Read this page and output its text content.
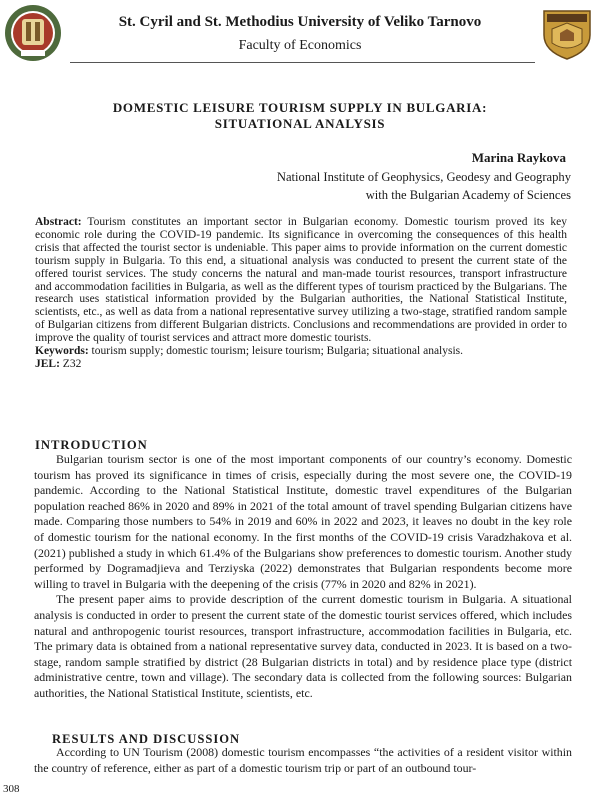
St. Cyril and St. Methodius University of Veliko Tarnovo
Faculty of Economics
DOMESTIC LEISURE TOURISM SUPPLY IN BULGARIA:
SITUATIONAL ANALYSIS
Marina Raykova
National Institute of Geophysics, Geodesy and Geography
with the Bulgarian Academy of Sciences

Abstract: Tourism constitutes an important sector in Bulgarian economy. Domestic tourism proved its key economic role during the COVID-19 pandemic. Its significance in overcoming the consequences of this health crisis that affected the tourist sector is undeniable. This paper aims to provide information on the current domestic tourism supply in Bulgaria. To this end, a situational analysis was conducted to present the current state of the offered tourist services. The study concerns the natural and man-made tourist resources, transport infrastructure and accommodation facilities in Bulgaria, as well as the different types of tourism practiced by the Bulgarians. The research uses statistical information provided by the Bulgarian authorities, the National Statistical Institute, scientists, etc., as well as data from a national representative survey utilizing a two-stage, stratified random sample of Bulgarian citizens from different Bulgarian districts. Conclusions and recommendations are provided in order to improve the quality of tourist services and attract more domestic tourists.

Keywords: tourism supply; domestic tourism; leisure tourism; Bulgaria; situational analysis.

JEL: Z32

INTRODUCTION

Bulgarian tourism sector is one of the most important components of our country’s economy. Domestic tourism has proved its significance in times of crisis, especially during the most severe one, the COVID-19 pandemic. According to the National Statistical Institute, domestic travel expenditures of the Bulgarian population reached 86% in 2020 and 89% in 2021 of the total amount of travel spending Bulgarian citizens have made. Comparing those numbers to 54% in 2019 and 60% in 2022 and 2023, it leaves no doubt in the key role of domestic tourism for the national economy. In the first months of the COVID-19 crisis Varadzhakova et al. (2021) published a study in which 61.4% of the Bulgarians show preferences to domestic tourism. Another study performed by Dogramadjieva and Terziyska (2022) demonstrates that Bulgarian respondents become more willing to travel in Bulgaria with the deepening of the crisis (77% in 2020 and 82% in 2021).

The present paper aims to provide description of the current domestic tourism in Bulgaria. A situational analysis is conducted in order to present the current state of the domestic tourist services offered, which includes natural and anthropogenic tourist resources, transport infrastructure, accommodation facilities in Bulgaria, etc. The primary data is obtained from a national representative survey data, conducted in 2023. It is based on a two-stage, random sample stratified by district (28 Bulgarian districts in total) and by residence place type (district administrative centre, town and village). The secondary data is collected from the following sources: Bulgarian authorities, the National Statistical Institute, scientists, etc.

RESULTS AND DISCUSSION

According to UN Tourism (2008) domestic tourism encompasses “the activities of a resident visitor within the country of reference, either as part of a domestic tourism trip or part of an outbound tour-

308
